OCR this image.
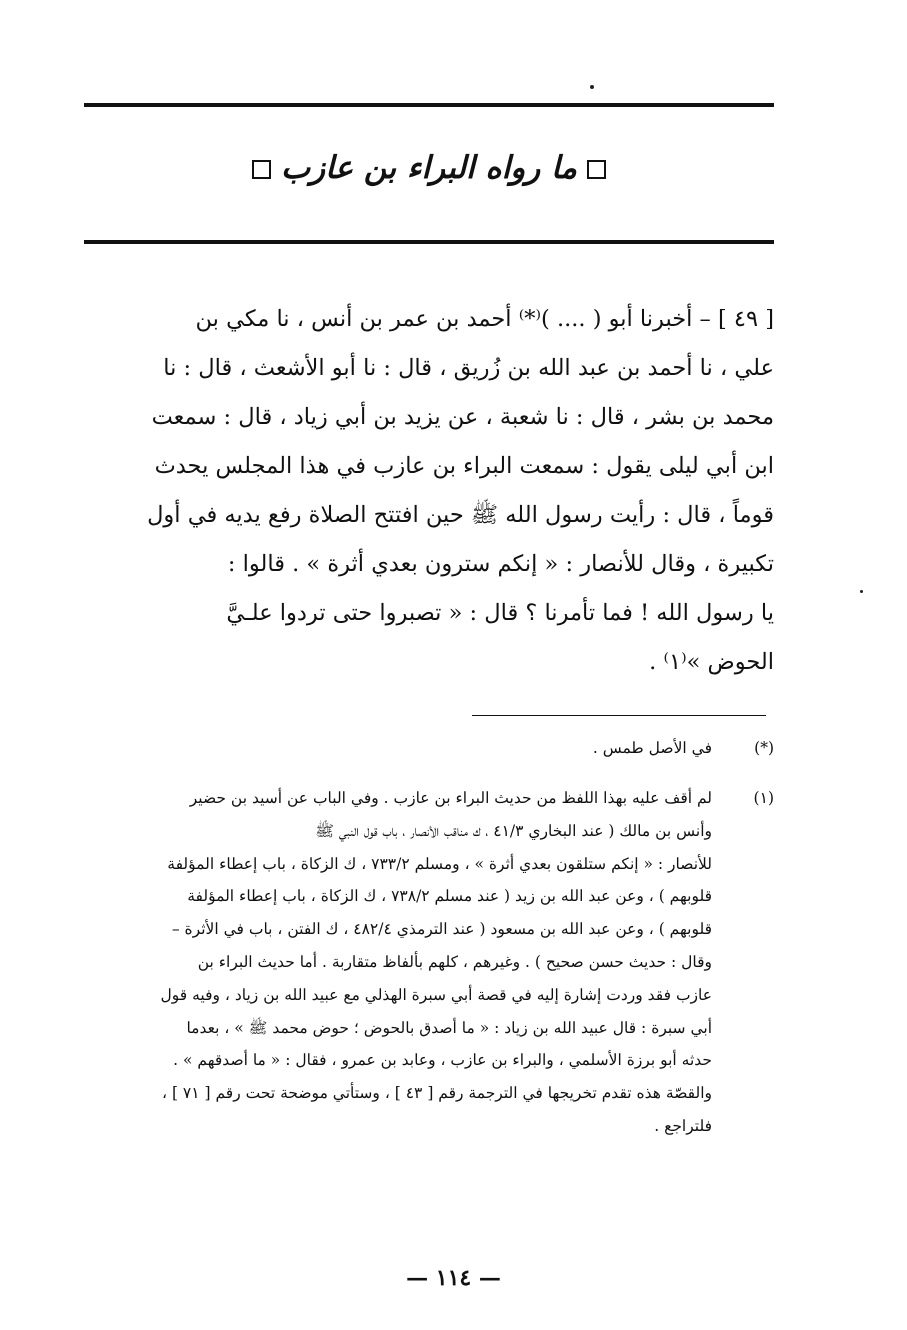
ما رواه البراء بن عازب
[ ٤٩ ] – أخبرنا أبو ( .... )⁽*⁾ أحمد بن عمر بن أنس ، نا مكي بن
علي ، نا أحمد بن عبد الله بن زُريق ، قال : نا أبو الأشعث ، قال : نا
محمد بن بشر ، قال : نا شعبة ، عن يزيد بن أبي زياد ، قال : سمعت
ابن أبي ليلى يقول : سمعت البراء بن عازب في هذا المجلس يحدث
قوماً ، قال : رأيت رسول الله ﷺ حين افتتح الصلاة رفع يديه في أول
تكبيرة ، وقال للأنصار : « إنكم سترون بعدي أثرة » . قالوا :
يا رسول الله ! فما تأمرنا ؟ قال : « تصبروا حتى تردوا علـيَّ
الحوض »⁽١⁾ .
(*)
في الأصل طمس .
(١)
لم أقف عليه بهذا اللفظ من حديث البراء بن عازب . وفي الباب عن أسيد بن حضير
وأنس بن مالك ( عند البخاري ٤١/٣ ، ك مناقب الأنصار ، باب قول النبي ﷺ
للأنصار : « إنكم ستلقون بعدي أثرة » ، ومسلم ٧٣٣/٢ ، ك الزكاة ، باب إعطاء المؤلفة
قلوبهم ) ، وعن عبد الله بن زيد ( عند مسلم ٧٣٨/٢ ، ك الزكاة ، باب إعطاء المؤلفة
قلوبهم ) ، وعن عبد الله بن مسعود ( عند الترمذي ٤٨٢/٤ ، ك الفتن ، باب في الأثرة –
وقال : حديث حسن صحيح ) . وغيرهم ، كلهم بألفاظ متقاربة . أما حديث البراء بن
عازب فقد وردت إشارة إليه في قصة أبي سبرة الهذلي مع عبيد الله بن زياد ، وفيه قول
أبي سبرة : قال عبيد الله بن زياد : « ما أصدق بالحوض ؛ حوض محمد ﷺ » ، بعدما
حدثه أبو برزة الأسلمي ، والبراء بن عازب ، وعابد بن عمرو ، فقال : « ما أصدقهم » .
والقصّة هذه تقدم تخريجها في الترجمة رقم [ ٤٣ ] ، وستأتي موضحة تحت رقم [ ٧١ ] ،
فلتراجع .
— ١١٤ —
